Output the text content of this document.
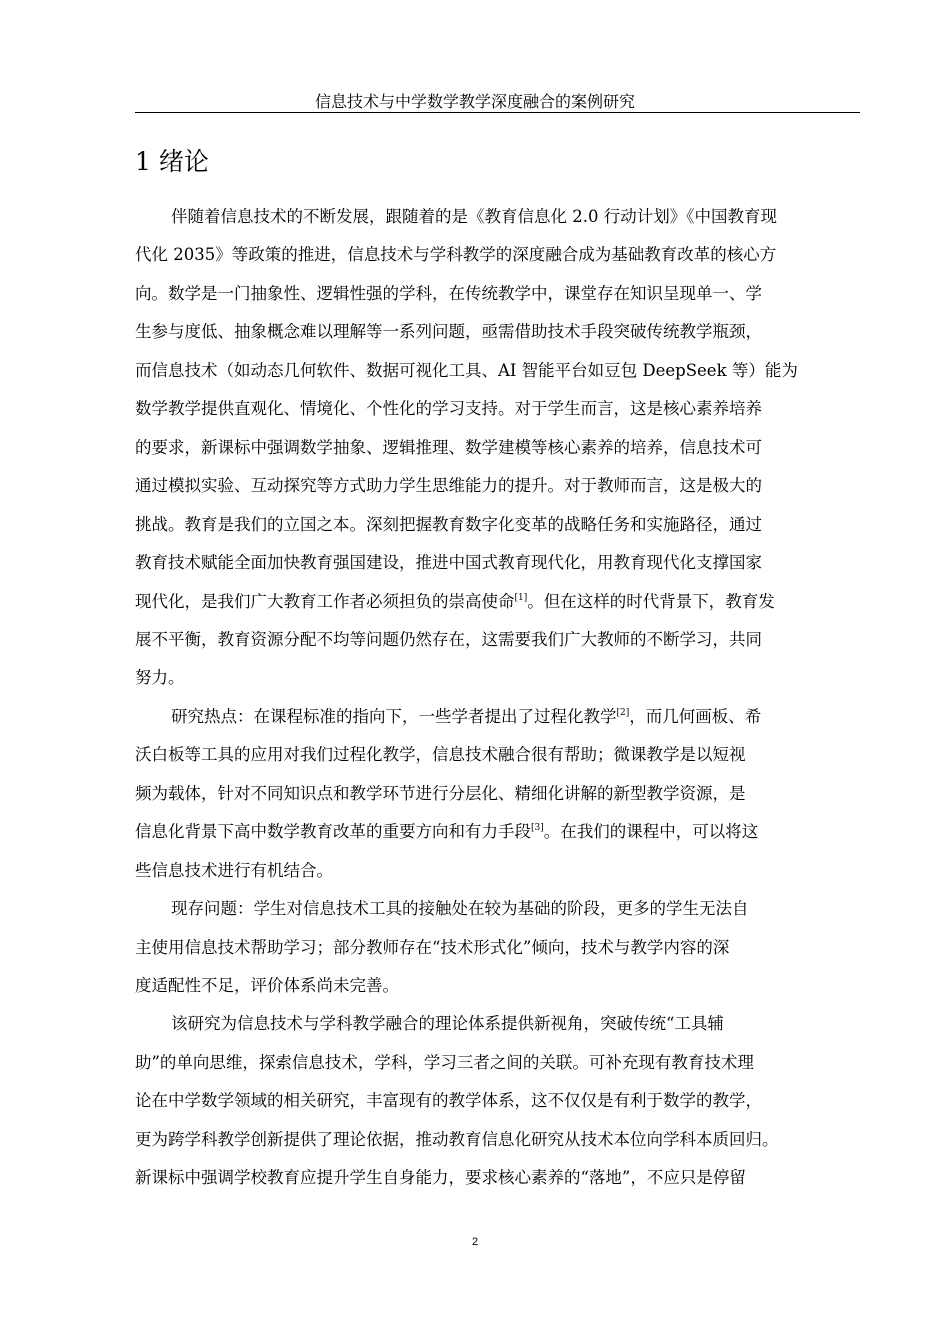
信息技术与中学数学教学深度融合的案例研究
1 绪论
伴随着信息技术的不断发展，跟随着的是《教育信息化 2.0 行动计划》《中国教育现
代化 2035》等政策的推进，信息技术与学科教学的深度融合成为基础教育改革的核心方
向。数学是一门抽象性、逻辑性强的学科，在传统教学中，课堂存在知识呈现单一、学
生参与度低、抽象概念难以理解等一系列问题，亟需借助技术手段突破传统教学瓶颈，
而信息技术（如动态几何软件、数据可视化工具、AI 智能平台如豆包 DeepSeek 等）能为
数学教学提供直观化、情境化、个性化的学习支持。对于学生而言，这是核心素养培养
的要求，新课标中强调数学抽象、逻辑推理、数学建模等核心素养的培养，信息技术可
通过模拟实验、互动探究等方式助力学生思维能力的提升。对于教师而言，这是极大的
挑战。教育是我们的立国之本。深刻把握教育数字化变革的战略任务和实施路径，通过
教育技术赋能全面加快教育强国建设，推进中国式教育现代化，用教育现代化支撑国家
现代化，是我们广大教育工作者必须担负的崇高使命[1]。但在这样的时代背景下，教育发
展不平衡，教育资源分配不均等问题仍然存在，这需要我们广大教师的不断学习，共同
努力。
研究热点：在课程标准的指向下，一些学者提出了过程化教学[2]，而几何画板、希
沃白板等工具的应用对我们过程化教学，信息技术融合很有帮助；微课教学是以短视
频为载体，针对不同知识点和教学环节进行分层化、精细化讲解的新型教学资源，是
信息化背景下高中数学教育改革的重要方向和有力手段[3]。在我们的课程中，可以将这
些信息技术进行有机结合。
现存问题：学生对信息技术工具的接触处在较为基础的阶段，更多的学生无法自
主使用信息技术帮助学习；部分教师存在“技术形式化”倾向，技术与教学内容的深
度适配性不足，评价体系尚未完善。
该研究为信息技术与学科教学融合的理论体系提供新视角，突破传统“工具辅
助”的单向思维，探索信息技术，学科，学习三者之间的关联。可补充现有教育技术理
论在中学数学领域的相关研究，丰富现有的教学体系，这不仅仅是有利于数学的教学，
更为跨学科教学创新提供了理论依据，推动教育信息化研究从技术本位向学科本质回归。
新课标中强调学校教育应提升学生自身能力，要求核心素养的“落地”，不应只是停留
2
